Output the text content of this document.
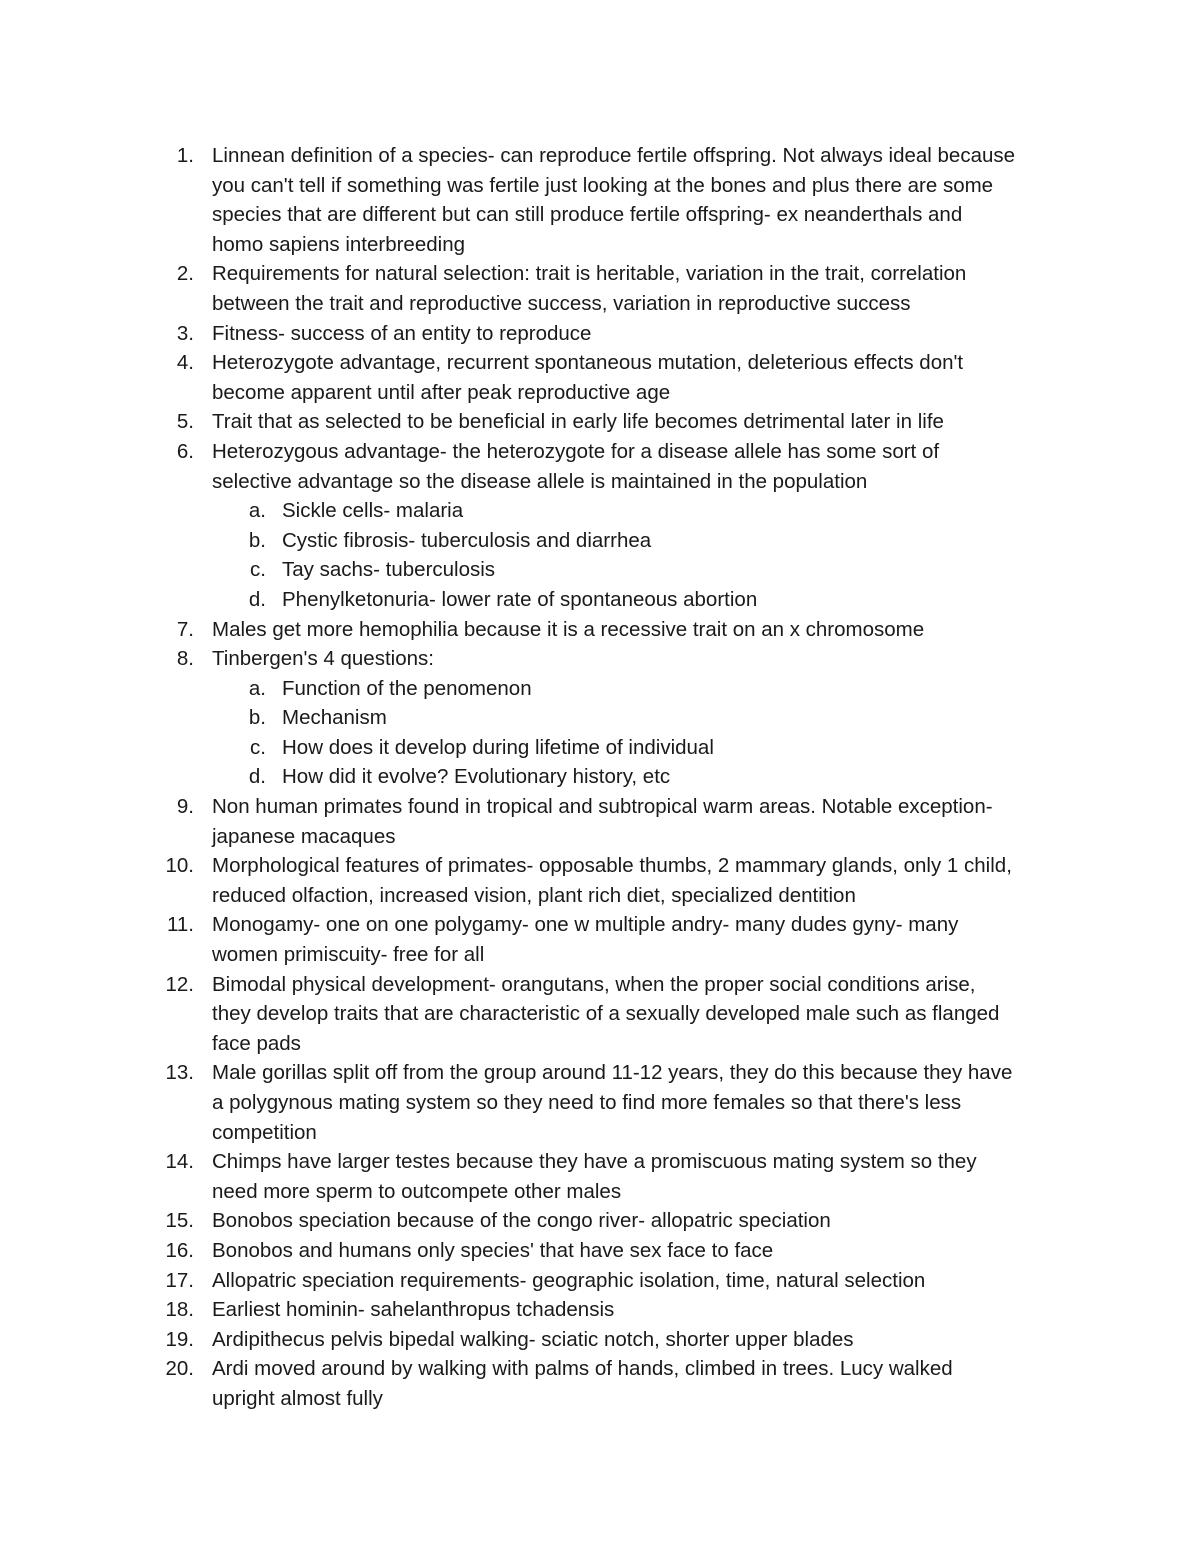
1. Linnean definition of a species- can reproduce fertile offspring. Not always ideal because
you can't tell if something was fertile just looking at the bones and plus there are some
species that are different but can still produce fertile offspring- ex neanderthals and
homo sapiens interbreeding
2. Requirements for natural selection: trait is heritable, variation in the trait, correlation
between the trait and reproductive success, variation in reproductive success
3. Fitness- success of an entity to reproduce
4. Heterozygote advantage, recurrent spontaneous mutation, deleterious effects don't
become apparent until after peak reproductive age
5. Trait that as selected to be beneficial in early life becomes detrimental later in life
6. Heterozygous advantage- the heterozygote for a disease allele has some sort of
selective advantage so the disease allele is maintained in the population
a. Sickle cells- malaria
b. Cystic fibrosis- tuberculosis and diarrhea
c. Tay sachs- tuberculosis
d. Phenylketonuria- lower rate of spontaneous abortion
7. Males get more hemophilia because it is a recessive trait on an x chromosome
8. Tinbergen's 4 questions:
a. Function of the penomenon
b. Mechanism
c. How does it develop during lifetime of individual
d. How did it evolve? Evolutionary history, etc
9. Non human primates found in tropical and subtropical warm areas. Notable exception-
japanese macaques
10. Morphological features of primates- opposable thumbs, 2 mammary glands, only 1 child,
reduced olfaction, increased vision, plant rich diet, specialized dentition
11. Monogamy- one on one polygamy- one w multiple andry- many dudes gyny- many
women primiscuity- free for all
12. Bimodal physical development- orangutans, when the proper social conditions arise,
they develop traits that are characteristic of a sexually developed male such as flanged
face pads
13. Male gorillas split off from the group around 11-12 years, they do this because they have
a polygynous mating system so they need to find more females so that there's less
competition
14. Chimps have larger testes because they have a promiscuous mating system so they
need more sperm to outcompete other males
15. Bonobos speciation because of the congo river- allopatric speciation
16. Bonobos and humans only species' that have sex face to face
17. Allopatric speciation requirements- geographic isolation, time, natural selection
18. Earliest hominin- sahelanthropus tchadensis
19. Ardipithecus pelvis bipedal walking- sciatic notch, shorter upper blades
20. Ardi moved around by walking with palms of hands, climbed in trees. Lucy walked
upright almost fully
